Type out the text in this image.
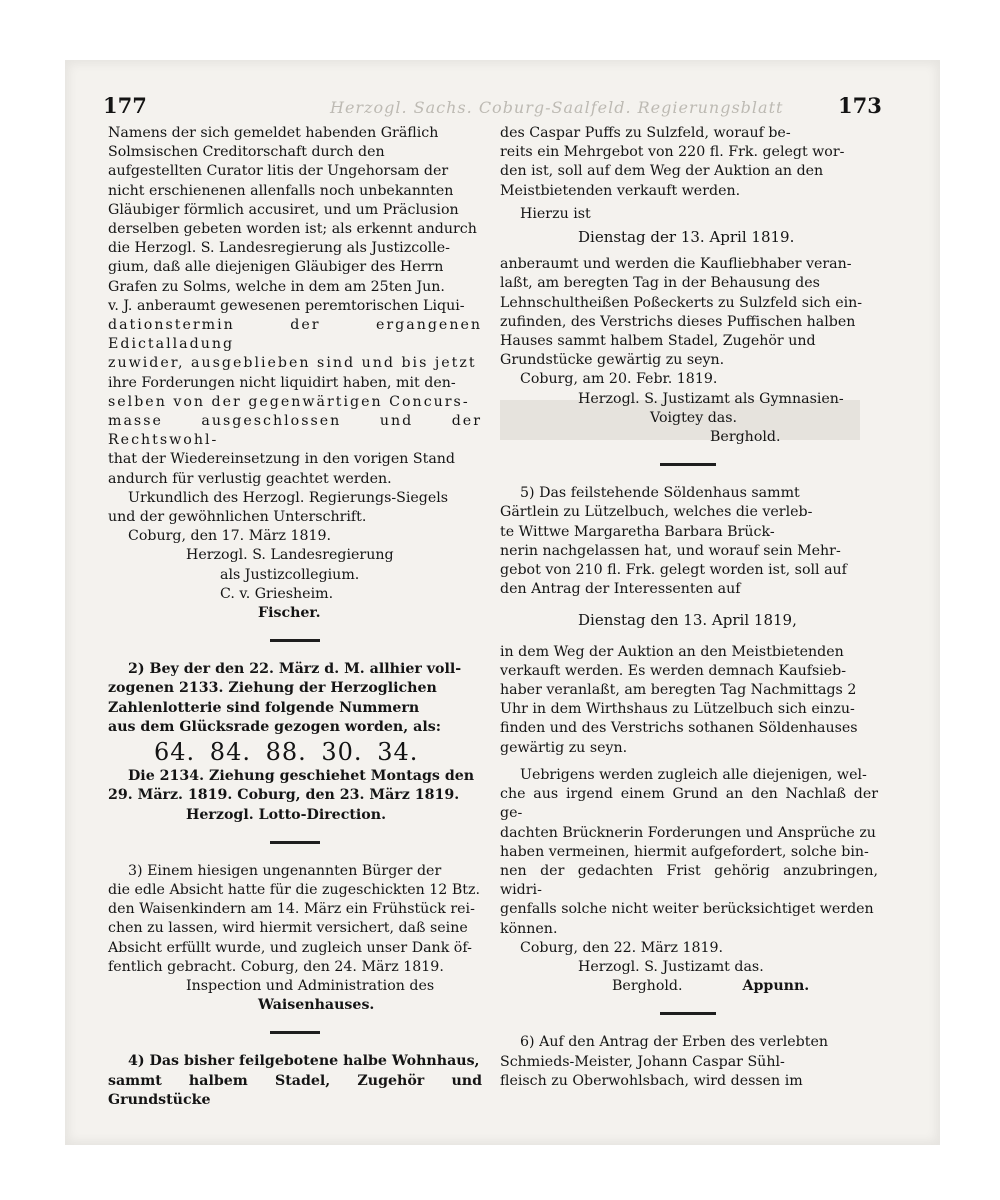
177	173
Herzogl. Sachs. Coburg-Saalfeld. Regierungsblatt

Namens der sich gemeldet habenden Gräflich

Solmsischen Creditorschaft durch den

aufgestellten Curator litis der Ungehorsam der

nicht erschienenen allenfalls noch unbekannten

Gläubiger förmlich accusiret, und um Präclusion

derselben gebeten worden ist; als erkennt andurch

die Herzogl. S. Landesregierung als Justizcolle-

gium, daß alle diejenigen Gläubiger des Herrn

Grafen zu Solms, welche in dem am 25ten Jun.

v. J. anberaumt gewesenen peremtorischen Liqui-

dationstermin der ergangenen Edictalladung

zuwider, ausgeblieben sind und bis jetzt

ihre Forderungen nicht liquidirt haben, mit den-

selben von der gegenwärtigen Concurs-

masse ausgeschlossen und der Rechtswohl-

that der Wiedereinsetzung in den vorigen Stand

andurch für verlustig geachtet werden.

Urkundlich des Herzogl. Regierungs-Siegels

und der gewöhnlichen Unterschrift.

Coburg, den 17. März 1819.

Herzogl. S. Landesregierung

als Justizcollegium.

C. v. Griesheim.

Fischer.

2) Bey der den 22. März d. M. allhier voll-

zogenen 2133. Ziehung der Herzoglichen

Zahlenlotterie sind folgende Nummern

aus dem Glücksrade gezogen worden, als:

64. 84. 88. 30. 34.

Die 2134. Ziehung geschiehet Montags den

29. März. 1819. Coburg, den 23. März 1819.

Herzogl. Lotto-Direction.

3) Einem hiesigen ungenannten Bürger der

die edle Absicht hatte für die zugeschickten 12 Btz.

den Waisenkindern am 14. März ein Frühstück rei-

chen zu lassen, wird hiermit versichert, daß seine

Absicht erfüllt wurde, und zugleich unser Dank öf-

fentlich gebracht. Coburg, den 24. März 1819.

Inspection und Administration des

Waisenhauses.

4) Das bisher feilgebotene halbe Wohnhaus,

sammt halbem Stadel, Zugehör und Grundstücke

des Caspar Puffs zu Sulzfeld, worauf be-

reits ein Mehrgebot von 220 fl. Frk. gelegt wor-

den ist, soll auf dem Weg der Auktion an den

Meistbietenden verkauft werden.

Hierzu ist

Dienstag der 13. April 1819.

anberaumt und werden die Kaufliebhaber veran-

laßt, am beregten Tag in der Behausung des

Lehnschultheißen Poßeckerts zu Sulzfeld sich ein-

zufinden, des Verstrichs dieses Puffischen halben

Hauses sammt halbem Stadel, Zugehör und

Grundstücke gewärtig zu seyn.

Coburg, am 20. Febr. 1819.

Herzogl. S. Justizamt als Gymnasien-

Voigtey das.

Berghold.

5) Das feilstehende Söldenhaus sammt

Gärtlein zu Lützelbuch, welches die verleb-

te Wittwe Margaretha Barbara Brück-

nerin nachgelassen hat, und worauf sein Mehr-

gebot von 210 fl. Frk. gelegt worden ist, soll auf

den Antrag der Interessenten auf

Dienstag den 13. April 1819,

in dem Weg der Auktion an den Meistbietenden

verkauft werden. Es werden demnach Kaufsieb-

haber veranlaßt, am beregten Tag Nachmittags 2

Uhr in dem Wirthshaus zu Lützelbuch sich einzu-

finden und des Verstrichs sothanen Söldenhauses

gewärtig zu seyn.

Uebrigens werden zugleich alle diejenigen, wel-

che aus irgend einem Grund an den Nachlaß der ge-

dachten Brücknerin Forderungen und Ansprüche zu

haben vermeinen, hiermit aufgefordert, solche bin-

nen der gedachten Frist gehörig anzubringen, widri-

genfalls solche nicht weiter berücksichtiget werden

können.

Coburg, den 22. März 1819.

Herzogl. S. Justizamt das.

Berghold.	Appunn.

6) Auf den Antrag der Erben des verlebten

Schmieds-Meister, Johann Caspar Sühl-

fleisch zu Oberwohlsbach, wird dessen im
